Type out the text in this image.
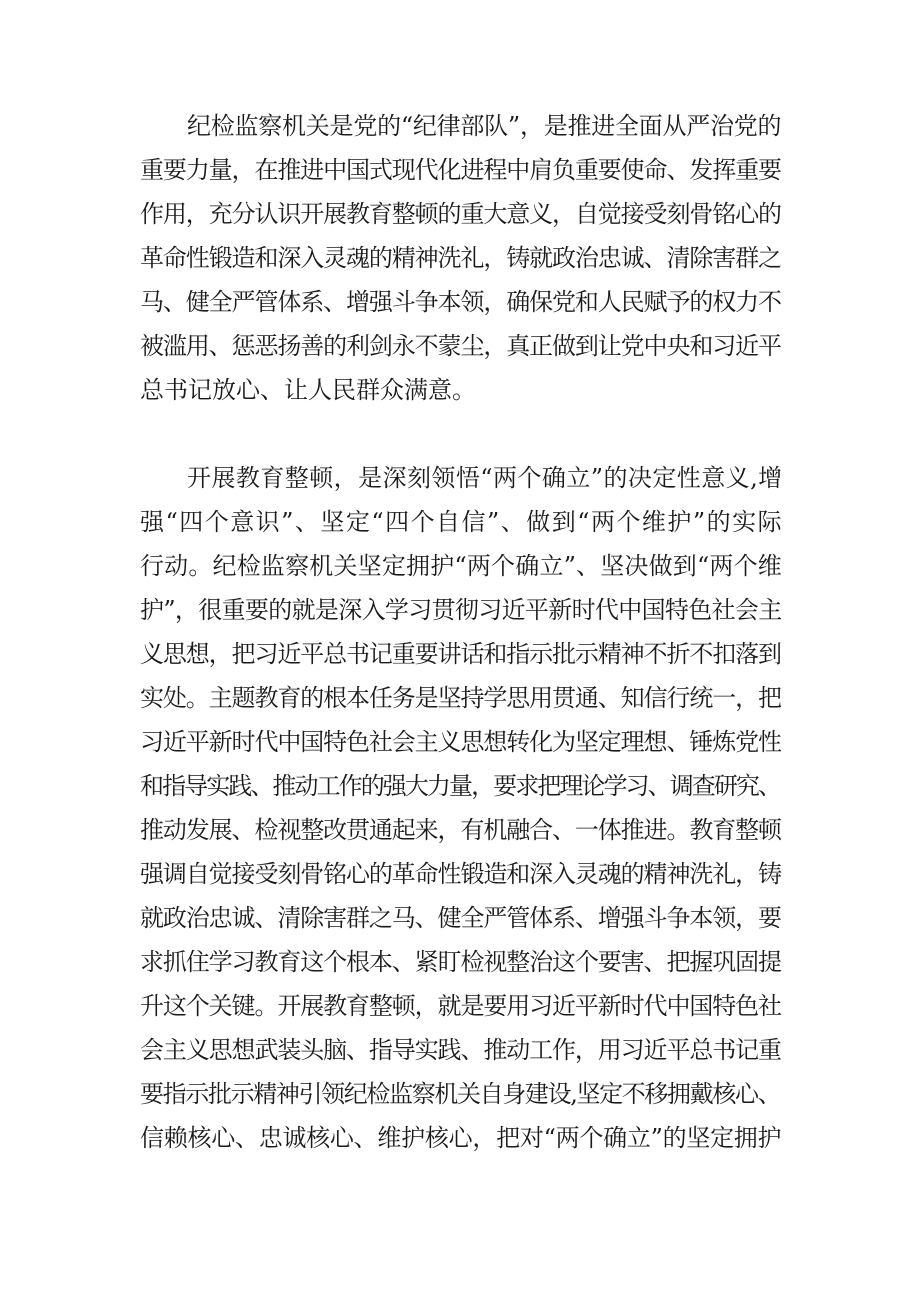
纪检监察机关是党的“纪律部队”，是推进全面从严治党的
重要力量，在推进中国式现代化进程中肩负重要使命、发挥重要
作用，充分认识开展教育整顿的重大意义，自觉接受刻骨铭心的
革命性锻造和深入灵魂的精神洗礼，铸就政治忠诚、清除害群之
马、健全严管体系、增强斗争本领，确保党和人民赋予的权力不
被滥用、惩恶扬善的利剑永不蒙尘，真正做到让党中央和习近平
总书记放心、让人民群众满意。
开展教育整顿，是深刻领悟“两个确立”的决定性意义,增
强“四个意识”、坚定“四个自信”、做到“两个维护”的实际
行动。纪检监察机关坚定拥护“两个确立”、坚决做到“两个维
护”，很重要的就是深入学习贯彻习近平新时代中国特色社会主
义思想，把习近平总书记重要讲话和指示批示精神不折不扣落到
实处。主题教育的根本任务是坚持学思用贯通、知信行统一，把
习近平新时代中国特色社会主义思想转化为坚定理想、锤炼党性
和指导实践、推动工作的强大力量，要求把理论学习、调查研究、
推动发展、检视整改贯通起来，有机融合、一体推进。教育整顿
强调自觉接受刻骨铭心的革命性锻造和深入灵魂的精神洗礼，铸
就政治忠诚、清除害群之马、健全严管体系、增强斗争本领，要
求抓住学习教育这个根本、紧盯检视整治这个要害、把握巩固提
升这个关键。开展教育整顿，就是要用习近平新时代中国特色社
会主义思想武装头脑、指导实践、推动工作，用习近平总书记重
要指示批示精神引领纪检监察机关自身建设,坚定不移拥戴核心、
信赖核心、忠诚核心、维护核心，把对“两个确立”的坚定拥护
